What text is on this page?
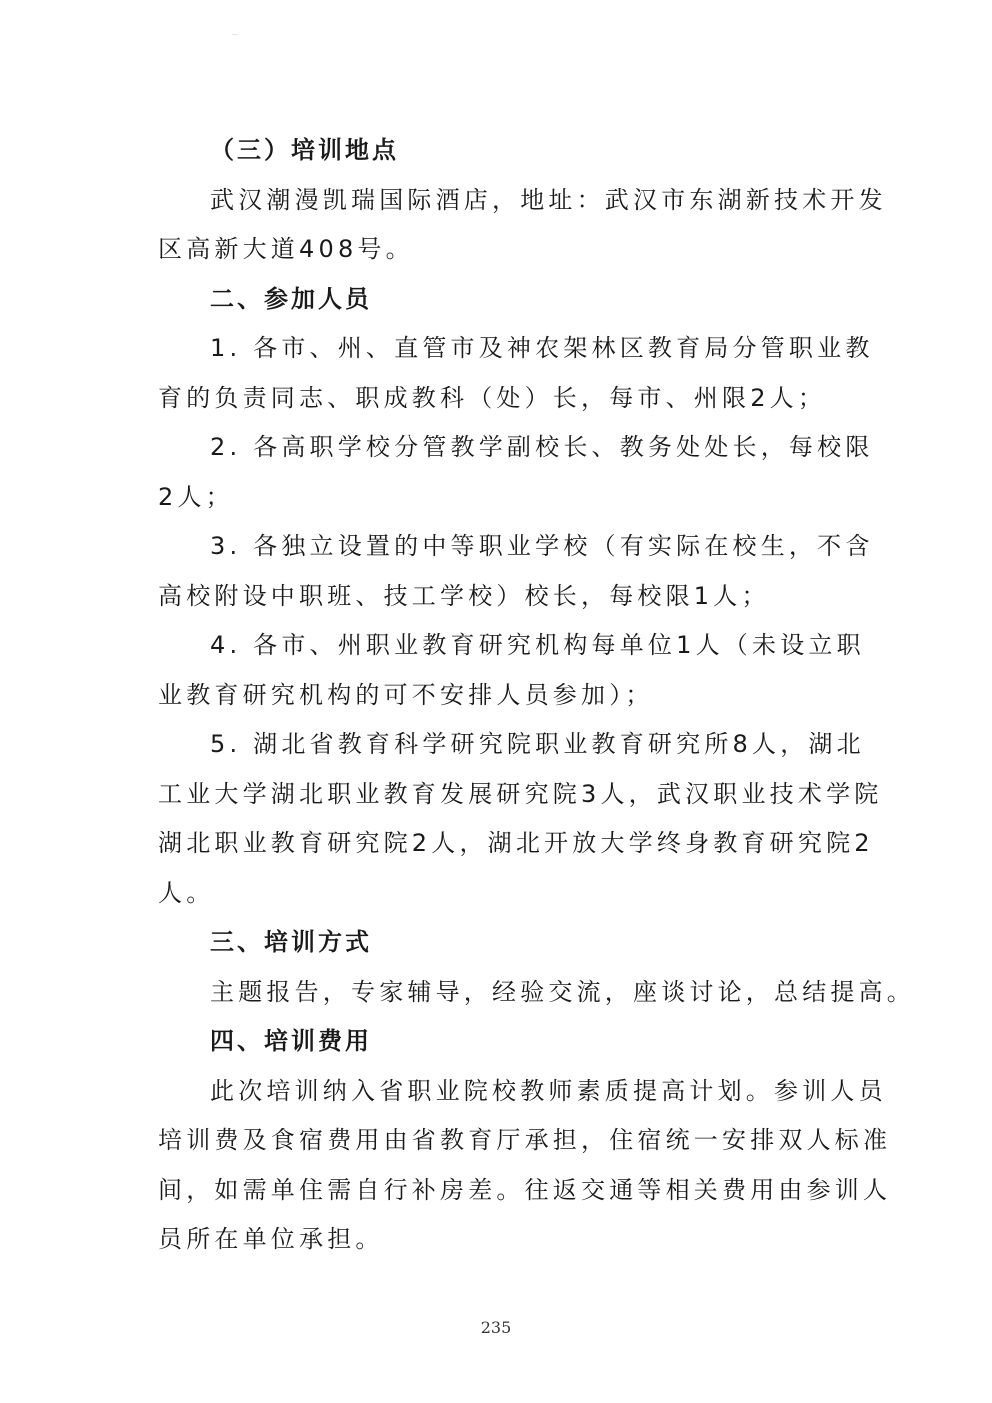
（三）培训地点
武汉潮漫凯瑞国际酒店，地址：武汉市东湖新技术开发
区高新大道408号。
二、参加人员
1. 各市、州、直管市及神农架林区教育局分管职业教
育的负责同志、职成教科（处）长，每市、州限2人；
2. 各高职学校分管教学副校长、教务处处长，每校限
2人；
3. 各独立设置的中等职业学校（有实际在校生，不含
高校附设中职班、技工学校）校长，每校限1人；
4. 各市、州职业教育研究机构每单位1人（未设立职
业教育研究机构的可不安排人员参加）；
5. 湖北省教育科学研究院职业教育研究所8人，湖北
工业大学湖北职业教育发展研究院3人，武汉职业技术学院
湖北职业教育研究院2人，湖北开放大学终身教育研究院2
人。
三、培训方式
主题报告，专家辅导，经验交流，座谈讨论，总结提高。
四、培训费用
此次培训纳入省职业院校教师素质提高计划。参训人员
培训费及食宿费用由省教育厅承担，住宿统一安排双人标准
间，如需单住需自行补房差。往返交通等相关费用由参训人
员所在单位承担。
235
